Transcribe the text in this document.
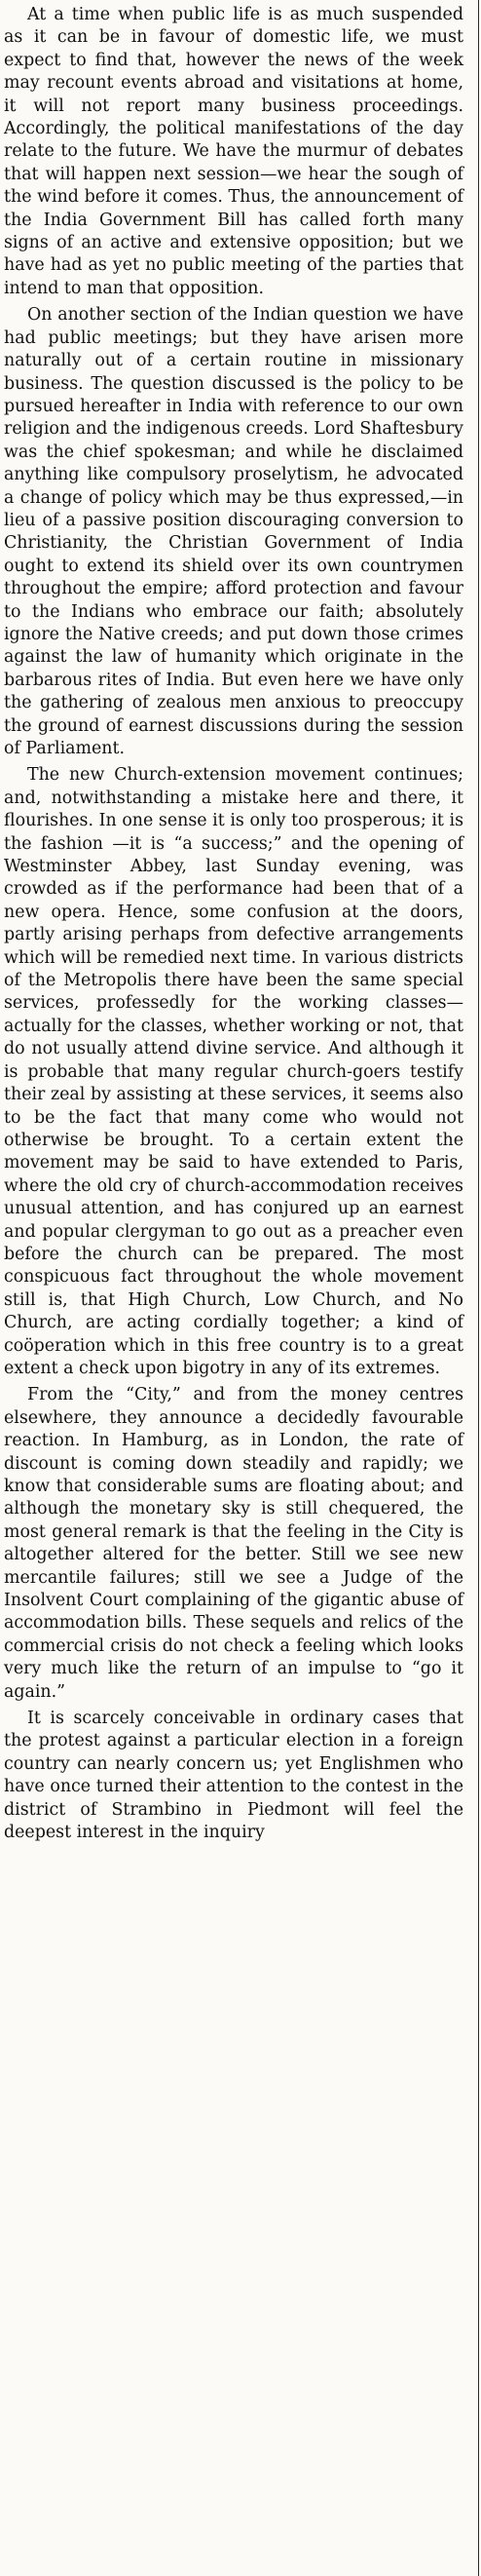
At a time when public life is as much suspended as it can be in favour of domestic life, we must expect to find that, however the news of the week may recount events abroad and visitations at home, it will not report many business proceedings. Accordingly, the political manifestations of the day relate to the future. We have the murmur of debates that will happen next session—we hear the sough of the wind before it comes. Thus, the announcement of the India Government Bill has called forth many signs of an active and extensive opposition; but we have had as yet no public meeting of the parties that intend to man that opposition.

On another section of the Indian question we have had public meetings; but they have arisen more naturally out of a certain routine in missionary business. The question discussed is the policy to be pursued hereafter in India with reference to our own religion and the indigenous creeds. Lord Shaftesbury was the chief spokesman; and while he disclaimed anything like compulsory proselytism, he advocated a change of policy which may be thus expressed,—in lieu of a passive position discouraging conversion to Christianity, the Christian Government of India ought to extend its shield over its own countrymen throughout the empire; afford protection and favour to the Indians who embrace our faith; absolutely ignore the Native creeds; and put down those crimes against the law of humanity which originate in the barbarous rites of India. But even here we have only the gathering of zealous men anxious to preoccupy the ground of earnest discussions during the session of Parliament.

The new Church-extension movement continues; and, notwithstanding a mistake here and there, it flourishes. In one sense it is only too prosperous; it is the fashion —it is “a success;” and the opening of Westminster Abbey, last Sunday evening, was crowded as if the performance had been that of a new opera. Hence, some confusion at the doors, partly arising perhaps from defective arrangements which will be remedied next time. In various districts of the Metropolis there have been the same special services, professedly for the working classes—actually for the classes, whether working or not, that do not usually attend divine service. And although it is probable that many regular church-goers testify their zeal by assisting at these services, it seems also to be the fact that many come who would not otherwise be brought. To a certain extent the movement may be said to have extended to Paris, where the old cry of church-accommodation receives unusual attention, and has conjured up an earnest and popular clergyman to go out as a preacher even before the church can be prepared. The most conspicuous fact throughout the whole movement still is, that High Church, Low Church, and No Church, are acting cordially together; a kind of coöperation which in this free country is to a great extent a check upon bigotry in any of its extremes.

From the “City,” and from the money centres elsewhere, they announce a decidedly favourable reaction. In Hamburg, as in London, the rate of discount is coming down steadily and rapidly; we know that considerable sums are floating about; and although the monetary sky is still chequered, the most general remark is that the feeling in the City is altogether altered for the better. Still we see new mercantile failures; still we see a Judge of the Insolvent Court complaining of the gigantic abuse of accommodation bills. These sequels and relics of the commercial crisis do not check a feeling which looks very much like the return of an impulse to “go it again.”

It is scarcely conceivable in ordinary cases that the protest against a particular election in a foreign country can nearly concern us; yet Englishmen who have once turned their attention to the contest in the district of Strambino in Piedmont will feel the deepest interest in the inquiry
